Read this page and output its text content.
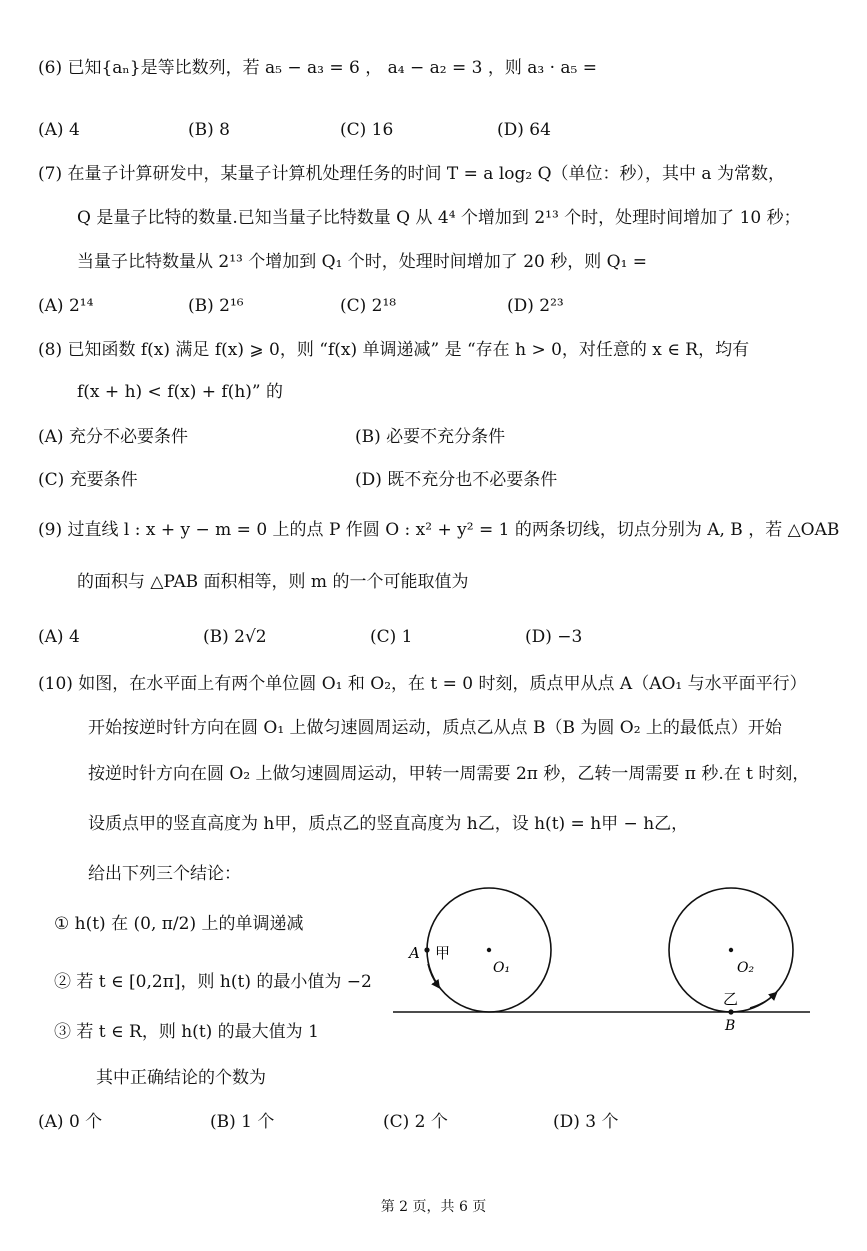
(6) 已知{aₙ}是等比数列，若 a₅ − a₃ = 6 ， a₄ − a₂ = 3 ，则 a₃ · a₅ =
(A) 4	(B) 8	(C) 16	(D) 64
(7) 在量子计算研发中，某量子计算机处理任务的时间 T = a log₂ Q（单位：秒），其中 a 为常数，
Q 是量子比特的数量.已知当量子比特数量 Q 从 4⁴ 个增加到 2¹³ 个时，处理时间增加了 10 秒；
当量子比特数量从 2¹³ 个增加到 Q₁ 个时，处理时间增加了 20 秒，则 Q₁ =
(A) 2¹⁴	(B) 2¹⁶	(C) 2¹⁸	(D) 2²³
(8) 已知函数 f(x) 满足 f(x) ⩾ 0，则 “f(x) 单调递减” 是 “存在 h > 0，对任意的 x ∈ R，均有
f(x + h) < f(x) + f(h)” 的
(A) 充分不必要条件	(B) 必要不充分条件
(C) 充要条件	(D) 既不充分也不必要条件
(9) 过直线 l : x + y − m = 0 上的点 P 作圆 O : x² + y² = 1 的两条切线，切点分别为 A, B ，若 △OAB
的面积与 △PAB 面积相等，则 m 的一个可能取值为
(A) 4	(B) 2√2	(C) 1	(D) −3
(10) 如图，在水平面上有两个单位圆 O₁ 和 O₂，在 t = 0 时刻，质点甲从点 A（AO₁ 与水平面平行）
开始按逆时针方向在圆 O₁ 上做匀速圆周运动，质点乙从点 B（B 为圆 O₂ 上的最低点）开始
按逆时针方向在圆 O₂ 上做匀速圆周运动，甲转一周需要 2π 秒，乙转一周需要 π 秒.在 t 时刻，
设质点甲的竖直高度为 h甲，质点乙的竖直高度为 h乙，设 h(t) = h甲 − h乙，
给出下列三个结论：
① h(t) 在 (0, π/2) 上的单调递减
② 若 t ∈ [0,2π]，则 h(t) 的最小值为 −2
③ 若 t ∈ R，则 h(t) 的最大值为 1
其中正确结论的个数为
(A) 0 个	(B) 1 个	(C) 2 个	(D) 3 个
A 甲
O₁	O₂
乙
B
第 2 页，共 6 页
